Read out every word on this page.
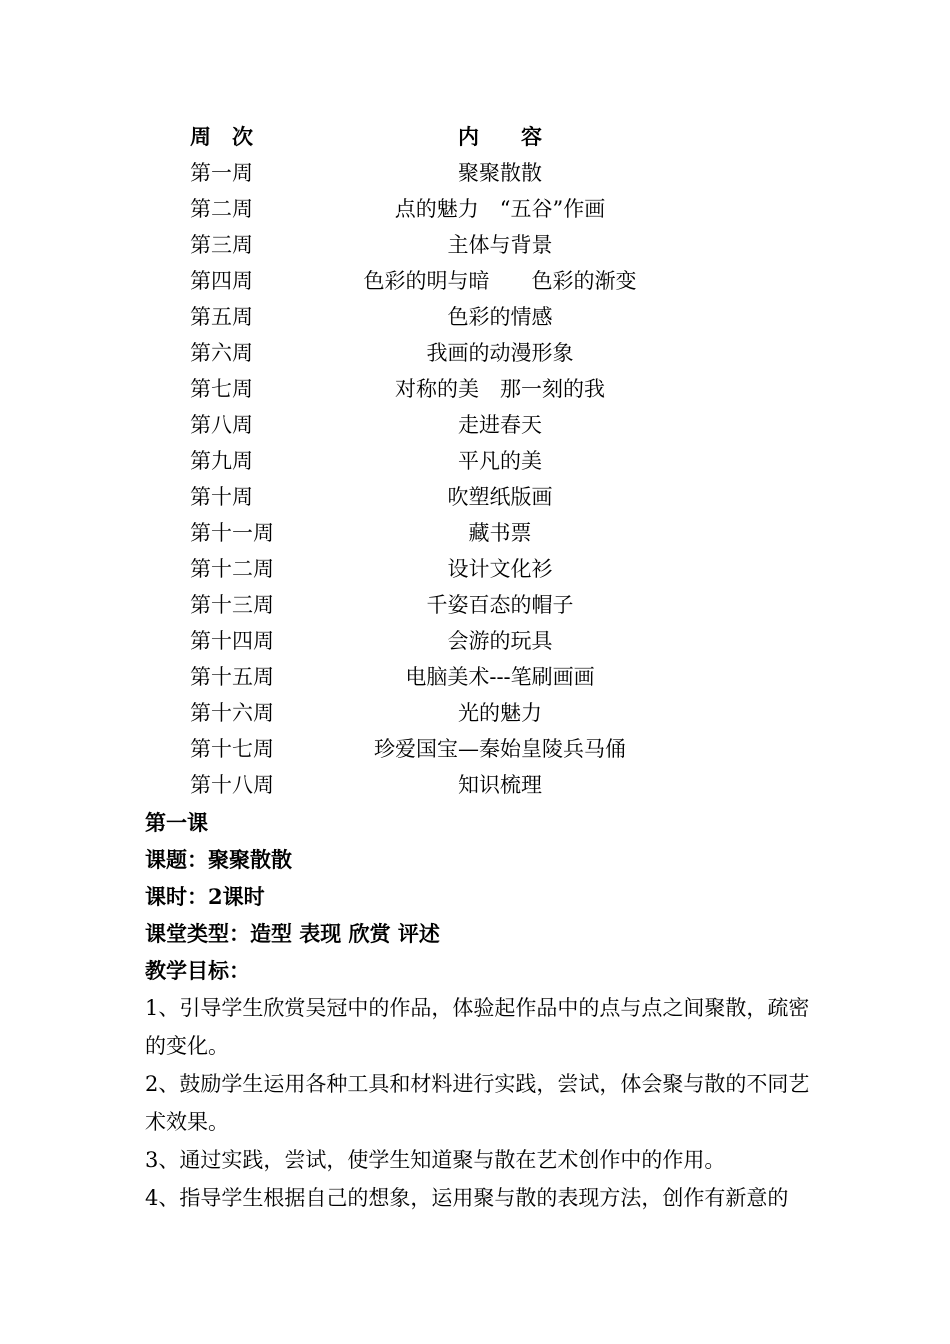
周　次	内　　容
第一周	聚聚散散
第二周	点的魅力　“五谷”作画
第三周	主体与背景
第四周	色彩的明与暗　　色彩的渐变
第五周	色彩的情感
第六周	我画的动漫形象
第七周	对称的美　那一刻的我
第八周	走进春天
第九周	平凡的美
第十周	吹塑纸版画
第十一周	藏书票
第十二周	设计文化衫
第十三周	千姿百态的帽子
第十四周	会游的玩具
第十五周	电脑美术---笔刷画画
第十六周	光的魅力
第十七周	珍爱国宝—秦始皇陵兵马俑
第十八周	知识梳理
第一课
课题：聚聚散散
课时：2课时
课堂类型：造型 表现 欣赏 评述
教学目标：

1、引导学生欣赏吴冠中的作品，体验起作品中的点与点之间聚散，疏密的变化。

2、鼓励学生运用各种工具和材料进行实践，尝试，体会聚与散的不同艺术效果。

3、通过实践，尝试，使学生知道聚与散在艺术创作中的作用。

4、指导学生根据自己的想象，运用聚与散的表现方法，创作有新意的
